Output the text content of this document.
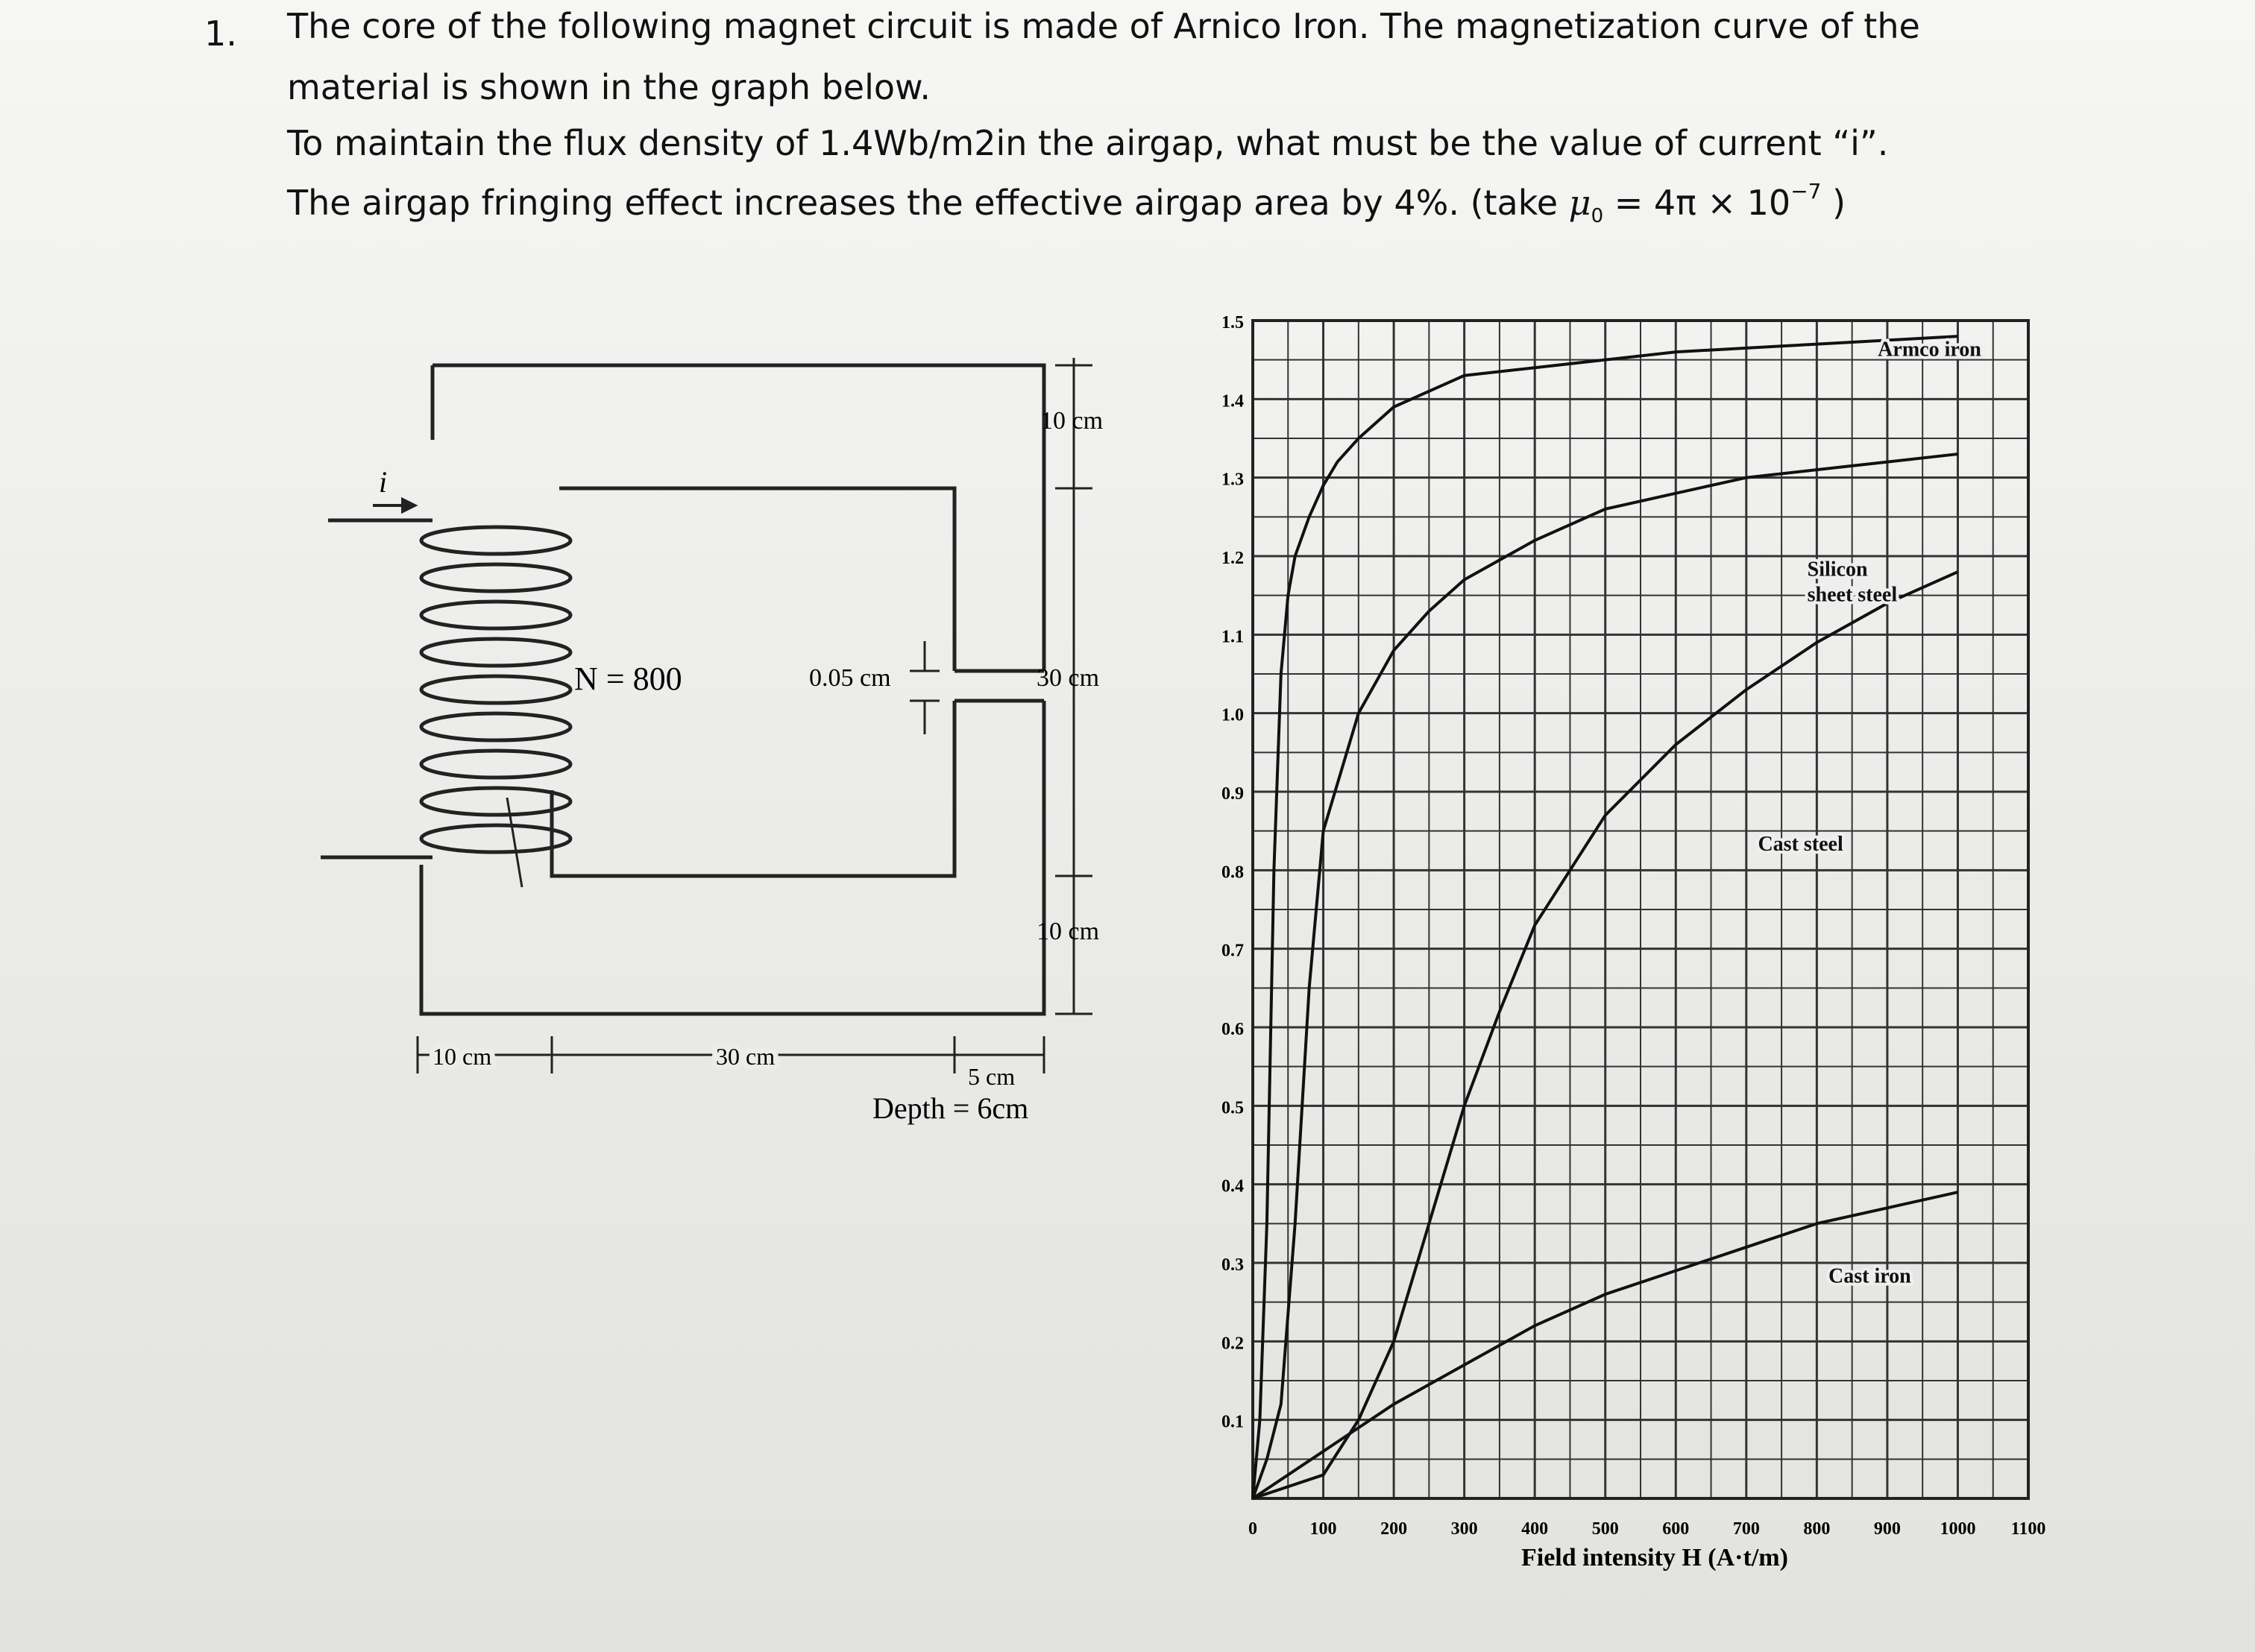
1. The core of the following magnet circuit is made of Arnico Iron. The magnetization curve of the
material is shown in the graph below.
To maintain the flux density of 1.4Wb/m2in the airgap, what must be the value of current “i”.
The airgap fringing effect increases the effective airgap area by 4%. (take $\mu_0 = 4\pi \times 10^{-7}$ )
i
N = 800	0.05 cm
10 cm
30 cm
10 cm
10 cm	30 cm
5 cm
Depth = 6cm
0.1
0.2
0.3
0.4
0.5
0.6
0.7
0.8
0.9
1.0
1.1
1.2
1.3
1.4
1.5
0	100 200 300 400 500 600 700 800 900 1000 1100
Armco iron
Silicon
sheet steel
Cast steel
Cast iron
Field intensity H (A·t/m)
